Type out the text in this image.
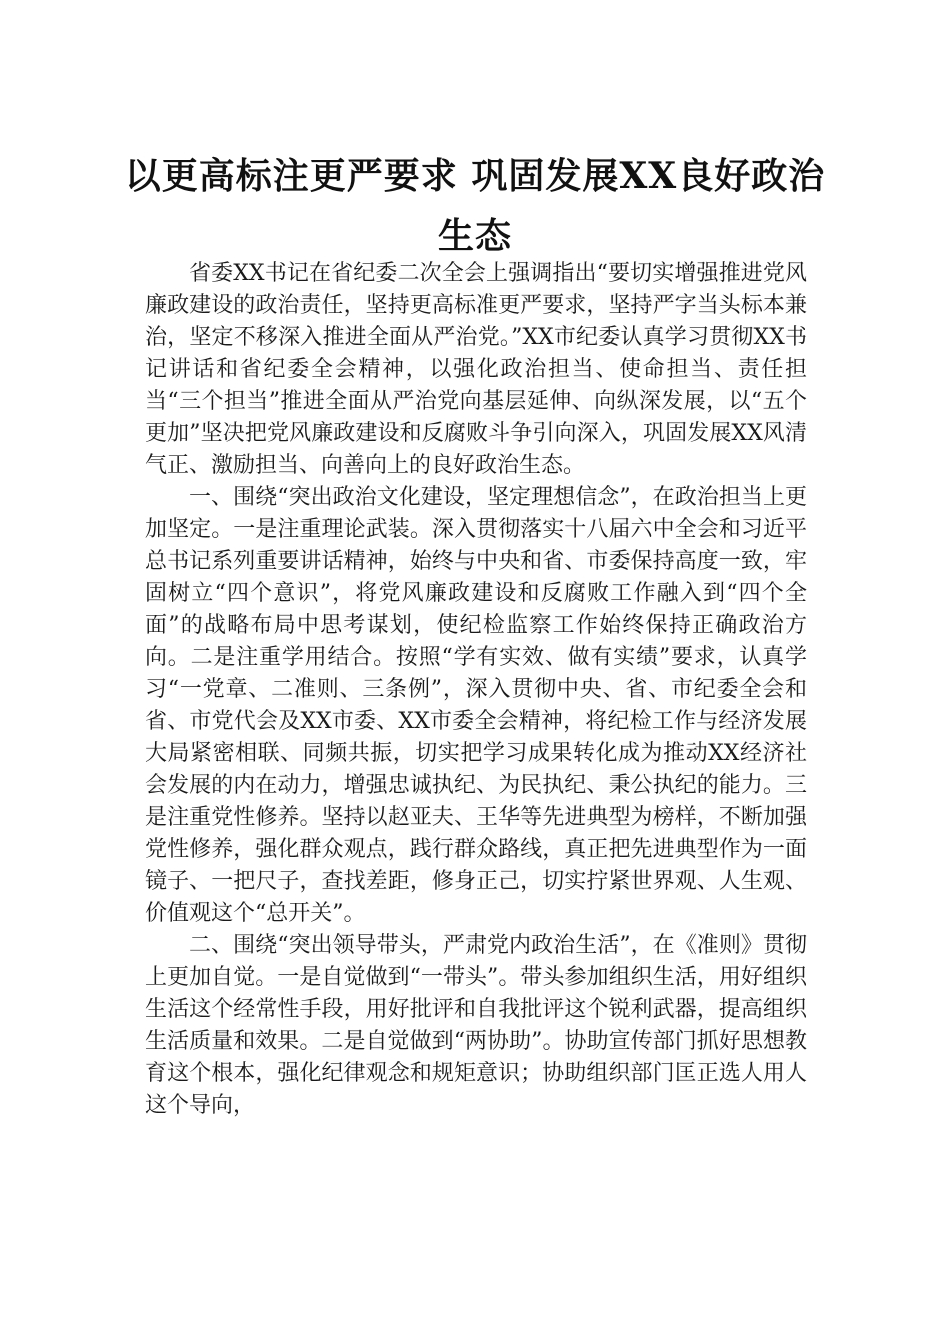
以更高标注更严要求 巩固发展XX良好政治生态

省委XX书记在省纪委二次全会上强调指出“要切实增强推进党风廉政建设的政治责任，坚持更高标准更严要求，坚持严字当头标本兼治，坚定不移深入推进全面从严治党。”XX市纪委认真学习贯彻XX书记讲话和省纪委全会精神，以强化政治担当、使命担当、责任担当“三个担当”推进全面从严治党向基层延伸、向纵深发展，以“五个更加”坚决把党风廉政建设和反腐败斗争引向深入，巩固发展XX风清气正、激励担当、向善向上的良好政治生态。

一、围绕“突出政治文化建设，坚定理想信念”，在政治担当上更加坚定。一是注重理论武装。深入贯彻落实十八届六中全会和习近平总书记系列重要讲话精神，始终与中央和省、市委保持高度一致，牢固树立“四个意识”，将党风廉政建设和反腐败工作融入到“四个全面”的战略布局中思考谋划，使纪检监察工作始终保持正确政治方向。二是注重学用结合。按照“学有实效、做有实绩”要求，认真学习“一党章、二准则、三条例”，深入贯彻中央、省、市纪委全会和省、市党代会及XX市委、XX市委全会精神，将纪检工作与经济发展大局紧密相联、同频共振，切实把学习成果转化成为推动XX经济社会发展的内在动力，增强忠诚执纪、为民执纪、秉公执纪的能力。三是注重党性修养。坚持以赵亚夫、王华等先进典型为榜样，不断加强党性修养，强化群众观点，践行群众路线，真正把先进典型作为一面镜子、一把尺子，查找差距，修身正己，切实拧紧世界观、人生观、价值观这个“总开关”。

二、围绕“突出领导带头，严肃党内政治生活”，在《准则》贯彻上更加自觉。一是自觉做到“一带头”。带头参加组织生活，用好组织生活这个经常性手段，用好批评和自我批评这个锐利武器，提高组织生活质量和效果。二是自觉做到“两协助”。协助宣传部门抓好思想教育这个根本，强化纪律观念和规矩意识；协助组织部门匡正选人用人这个导向，
